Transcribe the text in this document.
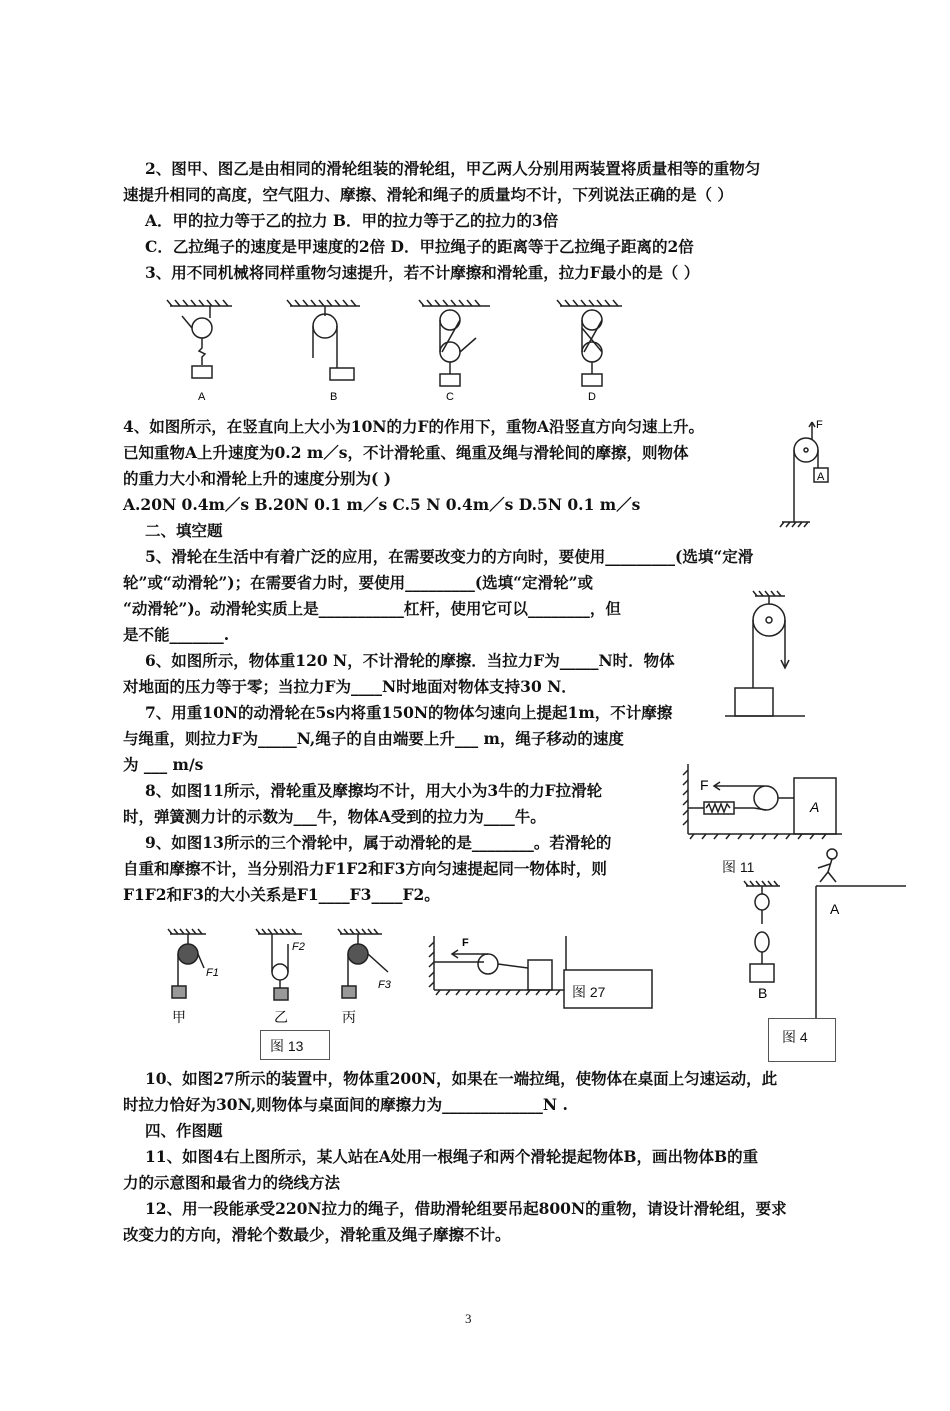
2、图甲、图乙是由相同的滑轮组装的滑轮组，甲乙两人分别用两装置将质量相等的重物匀
速提升相同的高度，空气阻力、摩擦、滑轮和绳子的质量均不计，下列说法正确的是（ ）
A．甲的拉力等于乙的拉力 B．甲的拉力等于乙的拉力的3倍
C．乙拉绳子的速度是甲速度的2倍 D．甲拉绳子的距离等于乙拉绳子距离的2倍
3、用不同机械将同样重物匀速提升，若不计摩擦和滑轮重，拉力F最小的是（ ）
4、如图所示，在竖直向上大小为10N的力F的作用下，重物A沿竖直方向匀速上升。
已知重物A上升速度为0.2 m／s，不计滑轮重、绳重及绳与滑轮间的摩擦，则物体
的重力大小和滑轮上升的速度分别为( )
A.20N 0.4m／s B.20N 0.1 m／s C.5 N 0.4m／s D.5N 0.1 m／s
二、填空题
5、滑轮在生活中有着广泛的应用，在需要改变力的方向时，要使用_________(选填“定滑
轮”或“动滑轮”)；在需要省力时，要使用_________(选填“定滑轮”或
“动滑轮”)。动滑轮实质上是___________杠杆，使用它可以________，但
是不能_______.
6、如图所示，物体重120 N，不计滑轮的摩擦．当拉力F为_____N时．物体
对地面的压力等于零；当拉力F为____N时地面对物体支持30 N．
7、用重10N的动滑轮在5s内将重150N的物体匀速向上提起1m，不计摩擦
与绳重，则拉力F为_____N,绳子的自由端要上升___ m，绳子移动的速度
为 ___ m/s
8、如图11所示，滑轮重及摩擦均不计，用大小为3牛的力F拉滑轮
时，弹簧测力计的示数为___牛，物体A受到的拉力为____牛。
9、如图13所示的三个滑轮中，属于动滑轮的是________。若滑轮的
自重和摩擦不计，当分别沿力F1F2和F3方向匀速提起同一物体时，则
F1F2和F3的大小关系是F1____F3____F2。
10、如图27所示的装置中，物体重200N，如果在一端拉绳，使物体在桌面上匀速运动，此
时拉力恰好为30N,则物体与桌面间的摩擦力为_____________N .
四、作图题
11、如图4右上图所示，某人站在A处用一根绳子和两个滑轮提起物体B，画出物体B的重
力的示意图和最省力的绕线方法
12、用一段能承受220N拉力的绳子，借助滑轮组要吊起800N的重物，请设计滑轮组，要求
改变力的方向，滑轮个数最少，滑轮重及绳子摩擦不计。
A	B	C	D
F
A
F
A
图 11
A
B
图 4
F1
F2
F3
甲	乙	丙
图 13
F
图 27
3
